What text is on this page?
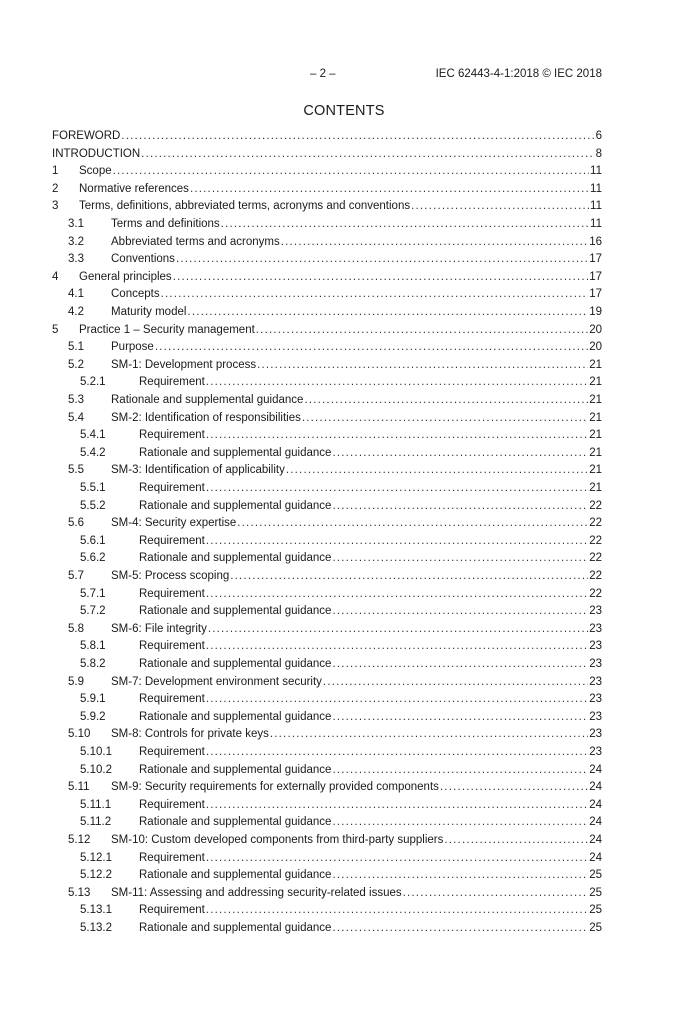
– 2 –	IEC 62443-4-1:2018 © IEC 2018
CONTENTS
FOREWORD .....	6
INTRODUCTION .....	8
1 Scope .....	11
2 Normative references .....	11
3 Terms, definitions, abbreviated terms, acronyms and conventions .....	11
3.1 Terms and definitions .....	11
3.2 Abbreviated terms and acronyms .....	16
3.3 Conventions .....	17
4 General principles .....	17
4.1 Concepts .....	17
4.2 Maturity model .....	19
5 Practice 1 – Security management .....	20
5.1 Purpose .....	20
5.2 SM-1: Development process .....	21
5.2.1	Requirement .....	21
5.3 Rationale and supplemental guidance .....	21
5.4 SM-2: Identification of responsibilities .....	21
5.4.1	Requirement .....	21
5.4.2	Rationale and supplemental guidance .....	21
5.5 SM-3: Identification of applicability .....	21
5.5.1	Requirement .....	21
5.5.2	Rationale and supplemental guidance .....	22
5.6 SM-4: Security expertise .....	22
5.6.1	Requirement .....	22
5.6.2	Rationale and supplemental guidance .....	22
5.7 SM-5: Process scoping .....	22
5.7.1	Requirement .....	22
5.7.2	Rationale and supplemental guidance .....	23
5.8 SM-6: File integrity .....	23
5.8.1	Requirement .....	23
5.8.2	Rationale and supplemental guidance .....	23
5.9 SM-7: Development environment security .....	23
5.9.1	Requirement .....	23
5.9.2	Rationale and supplemental guidance .....	23
5.10 SM-8: Controls for private keys .....	23
5.10.1 Requirement .....	23
5.10.2 Rationale and supplemental guidance .....	24
5.11 SM-9: Security requirements for externally provided components .....	24
5.11.1 Requirement .....	24
5.11.2 Rationale and supplemental guidance .....	24
5.12 SM-10: Custom developed components from third-party suppliers .....	24
5.12.1 Requirement .....	24
5.12.2 Rationale and supplemental guidance .....	25
5.13 SM-11: Assessing and addressing security-related issues .....	25
5.13.1 Requirement .....	25
5.13.2 Rationale and supplemental guidance .....	25
